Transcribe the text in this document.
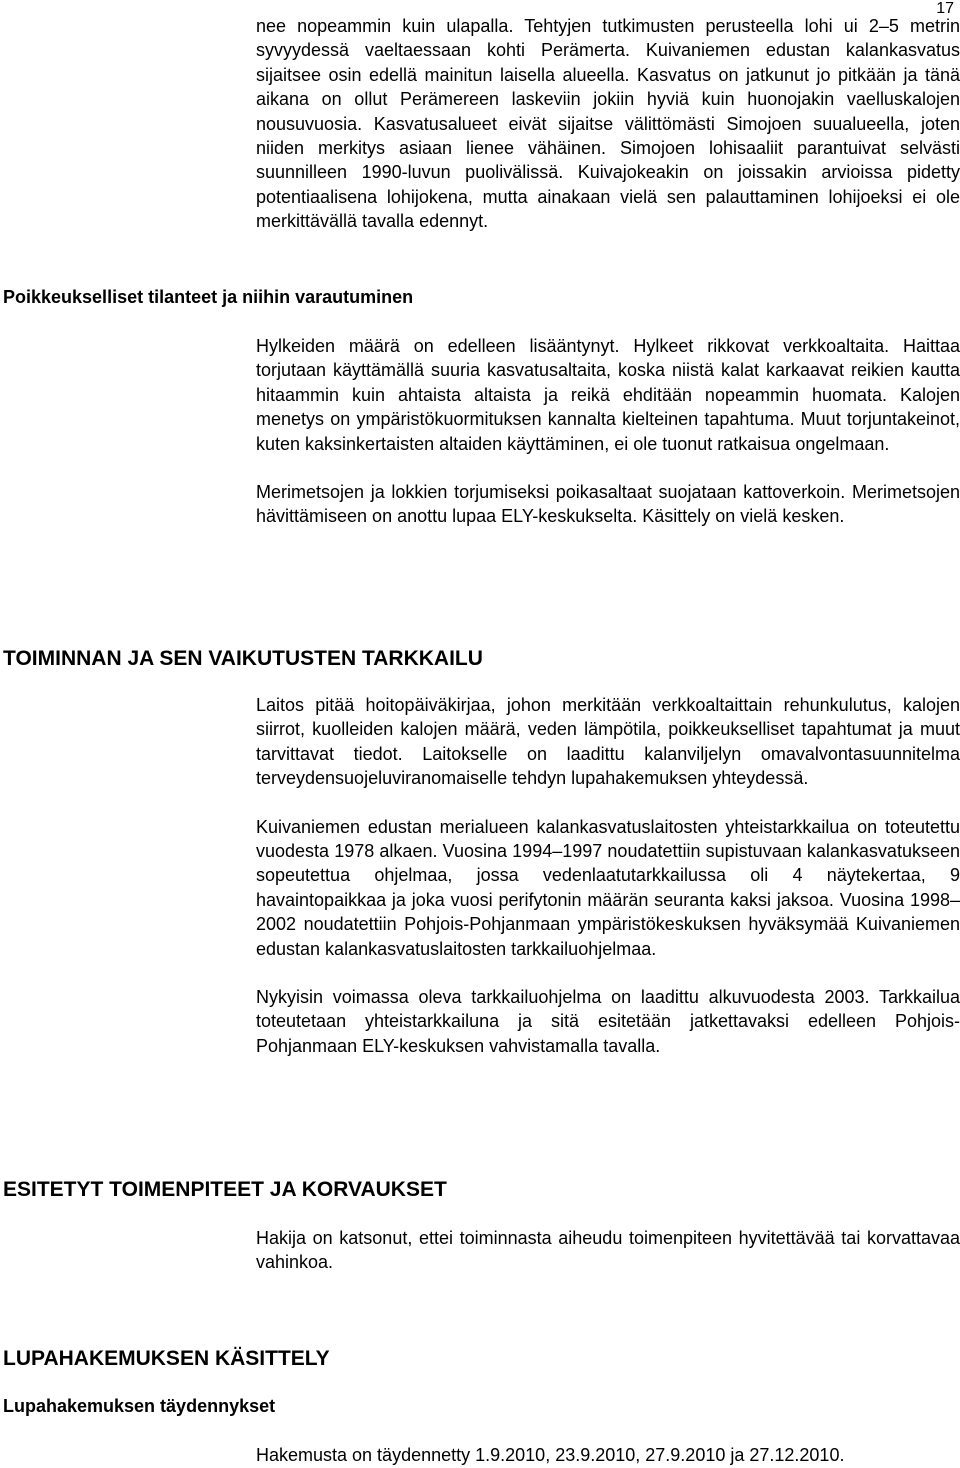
17

nee nopeammin kuin ulapalla. Tehtyjen tutkimusten perusteella lohi ui 2–5 metrin syvyydessä vaeltaessaan kohti Perämerta. Kuivaniemen edustan kalankasvatus sijaitsee osin edellä mainitun laisella alueella. Kasvatus on jatkunut jo pitkään ja tänä aikana on ollut Perämereen laskeviin jokiin hyviä kuin huonojakin vaelluskalojen nousuvuosia. Kasvatusalueet eivät sijaitse välittömästi Simojoen suualueella, joten niiden merkitys asiaan lienee vähäinen. Simojoen lohisaaliit parantuivat selvästi suunnilleen 1990-luvun puolivälissä. Kuivajokeakin on joissakin arvioissa pidetty potentiaalisena lohijokena, mutta ainakaan vielä sen palauttaminen lohijoeksi ei ole merkittävällä tavalla edennyt.

Poikkeukselliset tilanteet ja niihin varautuminen

Hylkeiden määrä on edelleen lisääntynyt. Hylkeet rikkovat verkkoaltaita. Haittaa torjutaan käyttämällä suuria kasvatusaltaita, koska niistä kalat karkaavat reikien kautta hitaammin kuin ahtaista altaista ja reikä ehditään nopeammin huomata. Kalojen menetys on ympäristökuormituksen kannalta kielteinen tapahtuma. Muut torjuntakeinot, kuten kaksinkertaisten altaiden käyttäminen, ei ole tuonut ratkaisua ongelmaan.

Merimetsojen ja lokkien torjumiseksi poikasaltaat suojataan kattoverkoin. Merimetsojen hävittämiseen on anottu lupaa ELY-keskukselta. Käsittely on vielä kesken.

TOIMINNAN JA SEN VAIKUTUSTEN TARKKAILU

Laitos pitää hoitopäiväkirjaa, johon merkitään verkkoaltaittain rehunkulutus, kalojen siirrot, kuolleiden kalojen määrä, veden lämpötila, poikkeukselliset tapahtumat ja muut tarvittavat tiedot. Laitokselle on laadittu kalanviljelyn omavalvontasuunnitelma terveydensuojeluviranomaiselle tehdyn lupahakemuksen yhteydessä.

Kuivaniemen edustan merialueen kalankasvatuslaitosten yhteistarkkailua on toteutettu vuodesta 1978 alkaen. Vuosina 1994–1997 noudatettiin supistuvaan kalankasvatukseen sopeutettua ohjelmaa, jossa vedenlaatutarkkailussa oli 4 näytekertaa, 9 havaintopaikkaa ja joka vuosi perifytonin määrän seuranta kaksi jaksoa. Vuosina 1998–2002 noudatettiin Pohjois-Pohjanmaan ympäristökeskuksen hyväksymää Kuivaniemen edustan kalankasvatuslaitosten tarkkailuohjelmaa.

Nykyisin voimassa oleva tarkkailuohjelma on laadittu alkuvuodesta 2003. Tarkkailua toteutetaan yhteistarkkailuna ja sitä esitetään jatkettavaksi edelleen Pohjois-Pohjanmaan ELY-keskuksen vahvistamalla tavalla.

ESITETYT TOIMENPITEET JA KORVAUKSET

Hakija on katsonut, ettei toiminnasta aiheudu toimenpiteen hyvitettävää tai korvattavaa vahinkoa.

LUPAHAKEMUKSEN KÄSITTELY
Lupahakemuksen täydennykset

Hakemusta on täydennetty 1.9.2010, 23.9.2010, 27.9.2010 ja 27.12.2010.
